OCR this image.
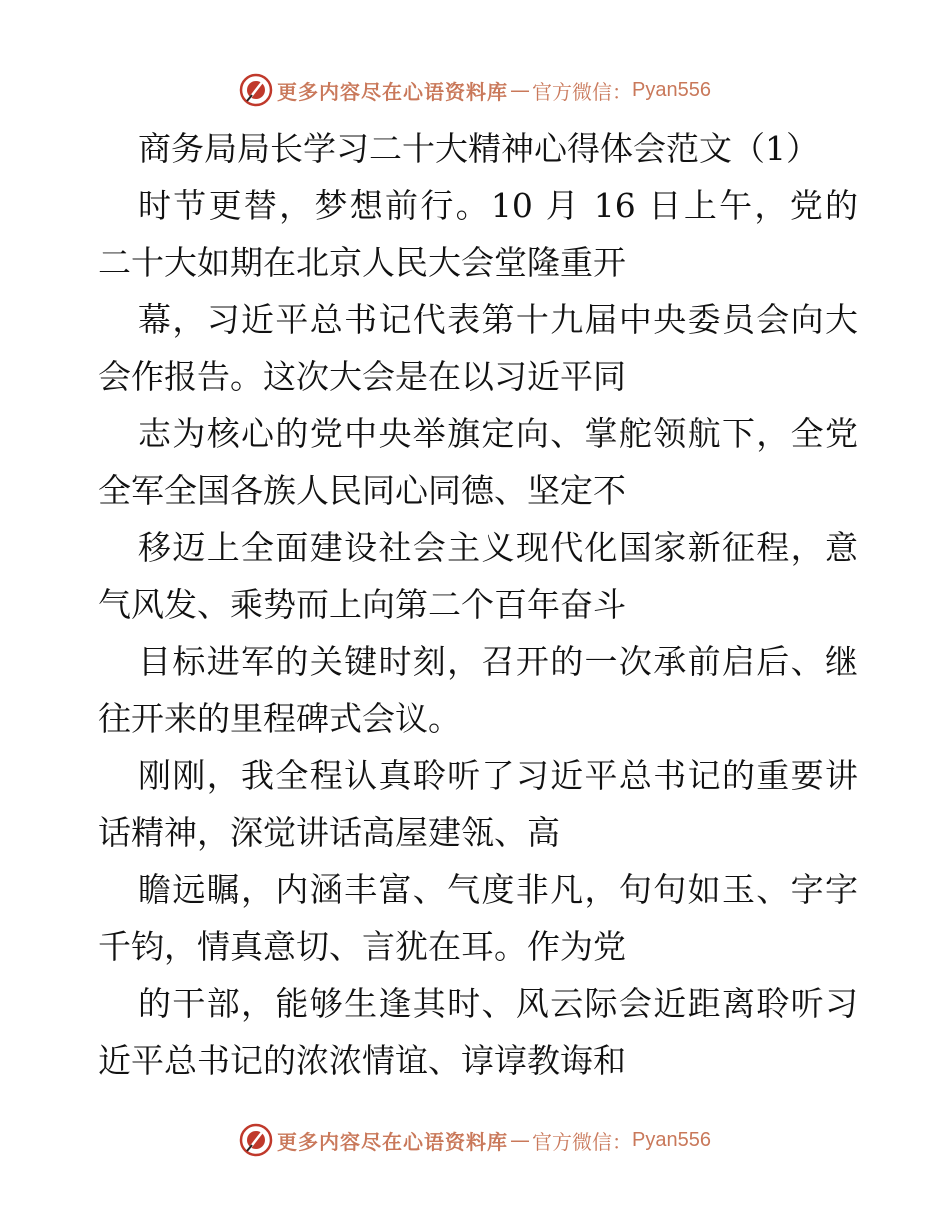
更多内容尽在心语资料库 — 官方微信： Pyan556
商务局局长学习二十大精神心得体会范文（1）
时节更替，梦想前行。10 月 16 日上午，党的
二十大如期在北京人民大会堂隆重开
幕，习近平总书记代表第十九届中央委员会向大
会作报告。这次大会是在以习近平同
志为核心的党中央举旗定向、掌舵领航下，全党
全军全国各族人民同心同德、坚定不
移迈上全面建设社会主义现代化国家新征程，意
气风发、乘势而上向第二个百年奋斗
目标进军的关键时刻，召开的一次承前启后、继
往开来的里程碑式会议。
刚刚，我全程认真聆听了习近平总书记的重要讲
话精神，深觉讲话高屋建瓴、高
瞻远瞩，内涵丰富、气度非凡，句句如玉、字字
千钧，情真意切、言犹在耳。作为党
的干部，能够生逢其时、风云际会近距离聆听习
近平总书记的浓浓情谊、谆谆教诲和
更多内容尽在心语资料库 — 官方微信： Pyan556
